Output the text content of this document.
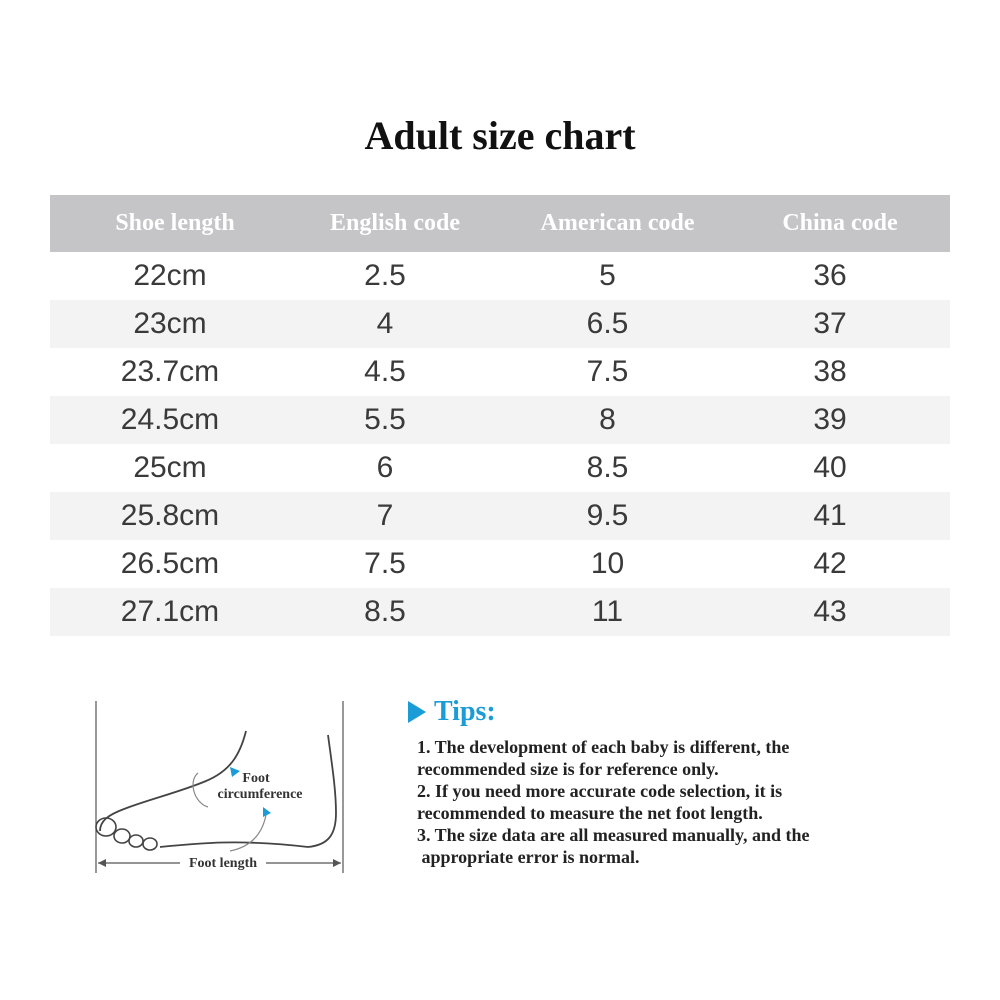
Adult size chart
Shoe length	English code	American code	China code
22cm	2.5	5	36
23cm	4	6.5	37
23.7cm	4.5	7.5	38
24.5cm	5.5	8	39
25cm	6	8.5	40
25.8cm	7	9.5	41
26.5cm	7.5	10	42
27.1cm	8.5	11	43
Foot
circumference
Foot length
Tips:
1. The development of each baby is different, the
recommended size is for reference only.
2. If you need more accurate code selection, it is
recommended to measure the net foot length.
3. The size data are all measured manually, and the
appropriate error is normal.
